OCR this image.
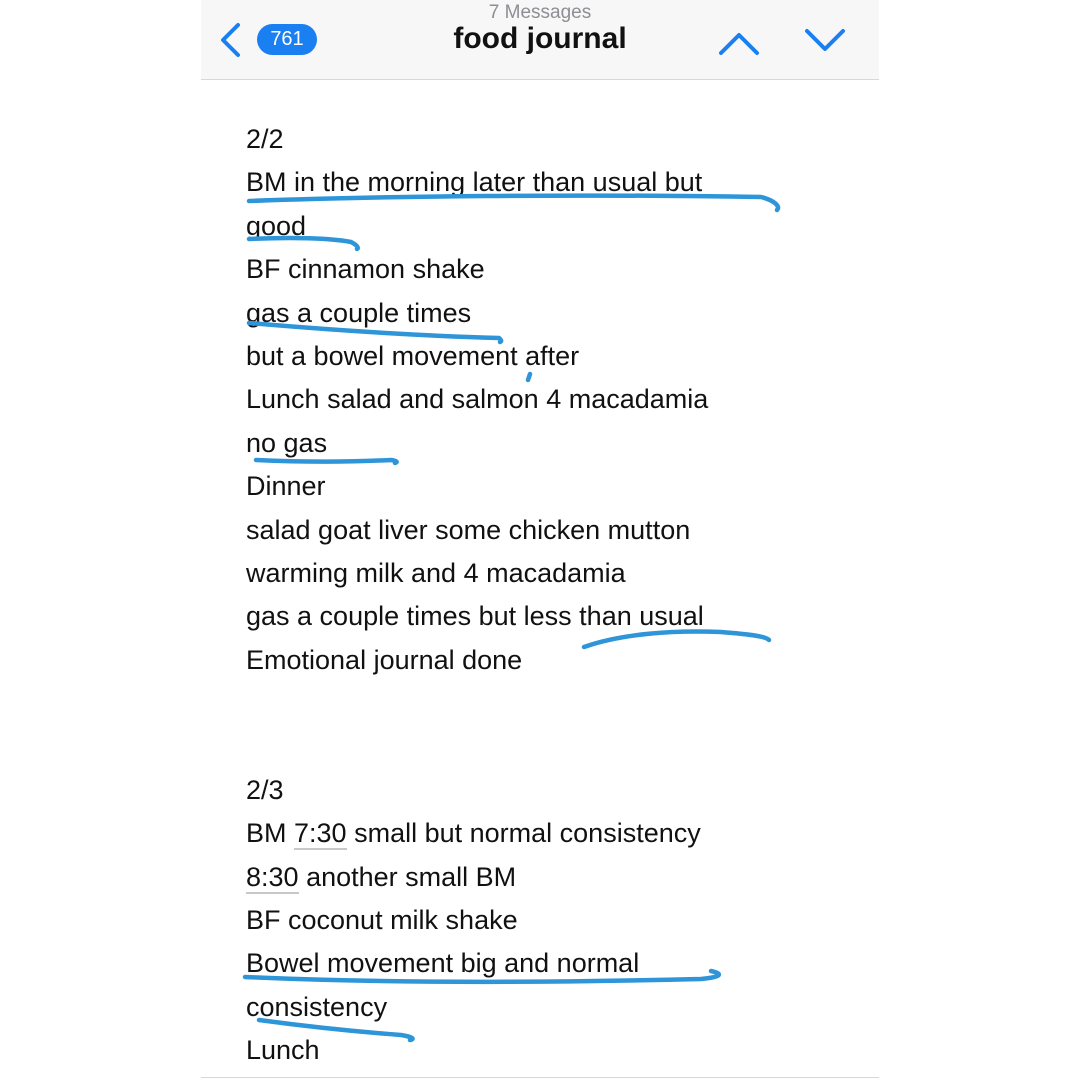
761
7 Messages
food journal
2/2
BM in the morning later than usual but
good
BF cinnamon shake
gas a couple times
but a bowel movement after
Lunch salad and salmon 4 macadamia
no gas
Dinner
salad goat liver some chicken mutton
warming milk and 4 macadamia
gas a couple times but less than usual
Emotional journal done
2/3
BM 7:30 small but normal consistency
8:30 another small BM
BF coconut milk shake
Bowel movement big and normal
consistency
Lunch
